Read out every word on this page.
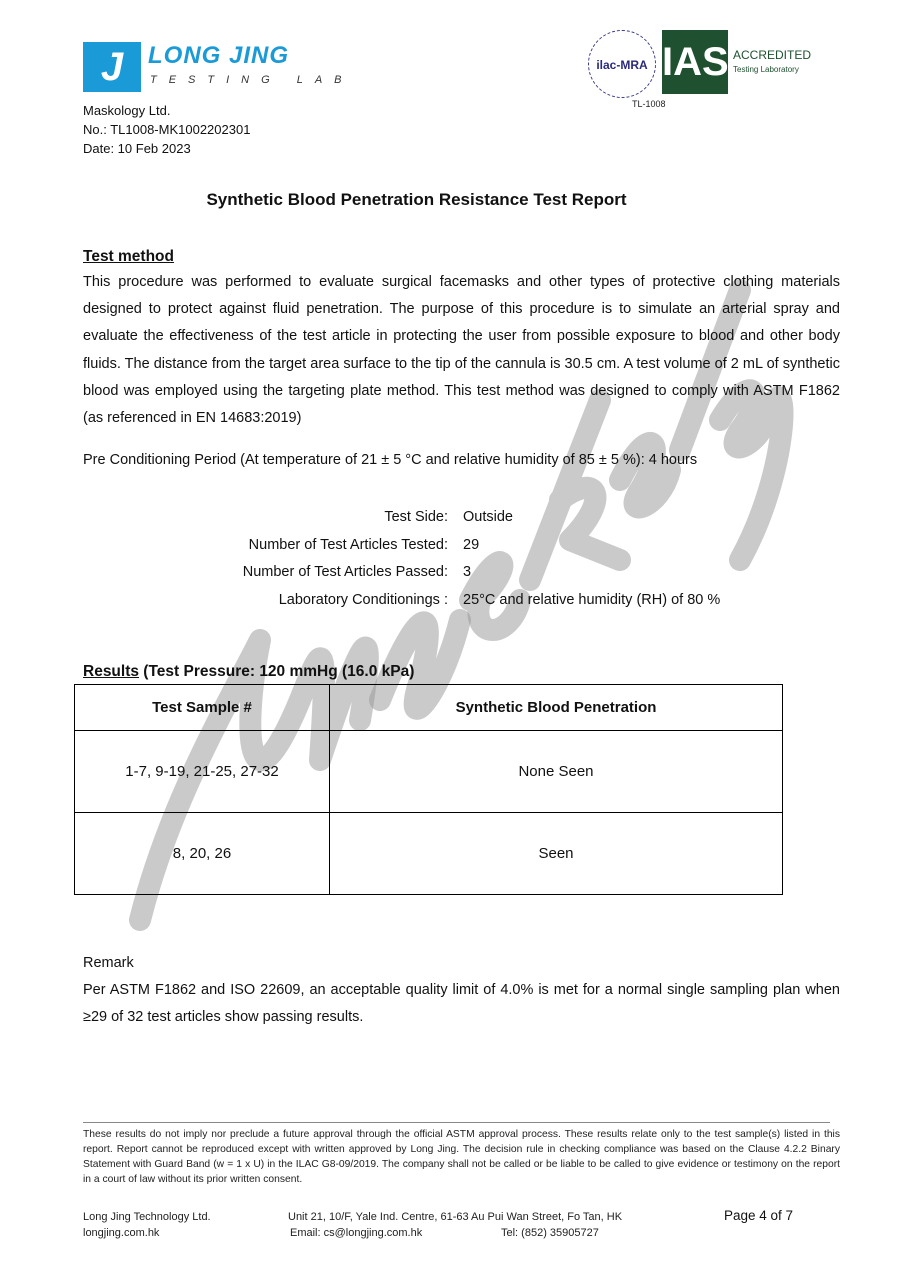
J	LONG JING
TESTING LAB
ilac-MRA IAS ACCREDITED
Testing Laboratory
TL-1008
Maskology Ltd.
No.: TL1008-MK1002202301
Date: 10 Feb 2023
Synthetic Blood Penetration Resistance Test Report
Test method
This procedure was performed to evaluate surgical facemasks and other types of protective clothing materials designed to protect against fluid penetration. The purpose of this procedure is to simulate an arterial spray and evaluate the effectiveness of the test article in protecting the user from possible exposure to blood and other body fluids. The distance from the target area surface to the tip of the cannula is 30.5 cm. A test volume of 2 mL of synthetic blood was employed using the targeting plate method. This test method was designed to comply with ASTM F1862 (as referenced in EN 14683:2019)
Pre Conditioning Period (At temperature of 21 ± 5 °C and relative humidity of 85 ± 5 %): 4 hours
Test Side: Outside
Number of Test Articles Tested: 29
Number of Test Articles Passed: 3
Laboratory Conditionings : 25°C and relative humidity (RH) of 80 %
Results (Test Pressure: 120 mmHg (16.0 kPa)
Test Sample #	Synthetic Blood Penetration
1-7, 9-19, 21-25, 27-32	None Seen
8, 20, 26	Seen
Remark
Per ASTM F1862 and ISO 22609, an acceptable quality limit of 4.0% is met for a normal single sampling plan when ≥29 of 32 test articles show passing results.
These results do not imply nor preclude a future approval through the official ASTM approval process. These results relate only to the test sample(s) listed in this report. Report cannot be reproduced except with written approved by Long Jing. The decision rule in checking compliance was based on the Clause 4.2.2 Binary Statement with Guard Band (w = 1 x U) in the ILAC G8-09/2019. The company shall not be called or be liable to be called to give evidence or testimony on the report in a court of law without its prior written consent.
Long Jing Technology Ltd.
longjing.com.hk
Unit 21, 10/F, Yale Ind. Centre, 61-63 Au Pui Wan Street, Fo Tan, HK
Email: cs@longjing.com.hk	Tel: (852) 35905727
Page 4 of 7
